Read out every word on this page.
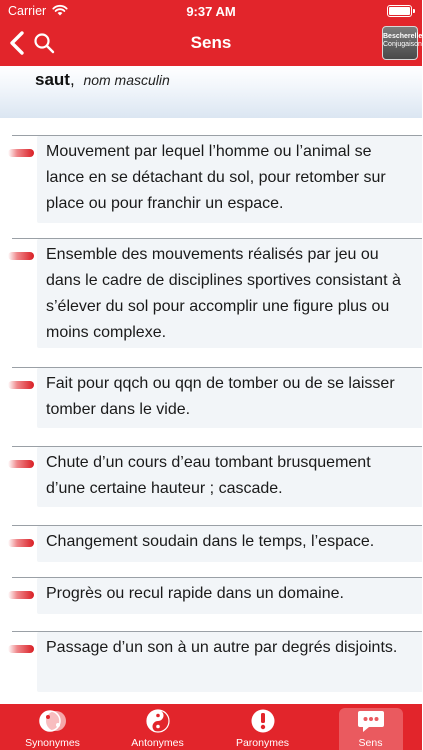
Carrier	9:37 AM
Sens	Bescherelle
Conjugaison
saut, nom masculin
Mouvement par lequel l’homme ou l’animal se lance en se détachant du sol, pour retomber sur place ou pour franchir un espace.
Ensemble des mouvements réalisés par jeu ou dans le cadre de disciplines sportives consistant à s’élever du sol pour accomplir une figure plus ou moins complexe.
Fait pour qqch ou qqn de tomber ou de se laisser tomber dans le vide.
Chute d’un cours d’eau tombant brusquement d’une certaine hauteur ; cascade.
Changement soudain dans le temps, l’espace.
Progrès ou recul rapide dans un domaine.
Passage d’un son à un autre par degrés disjoints.
Synonymes	Antonymes	Paronymes	Sens
